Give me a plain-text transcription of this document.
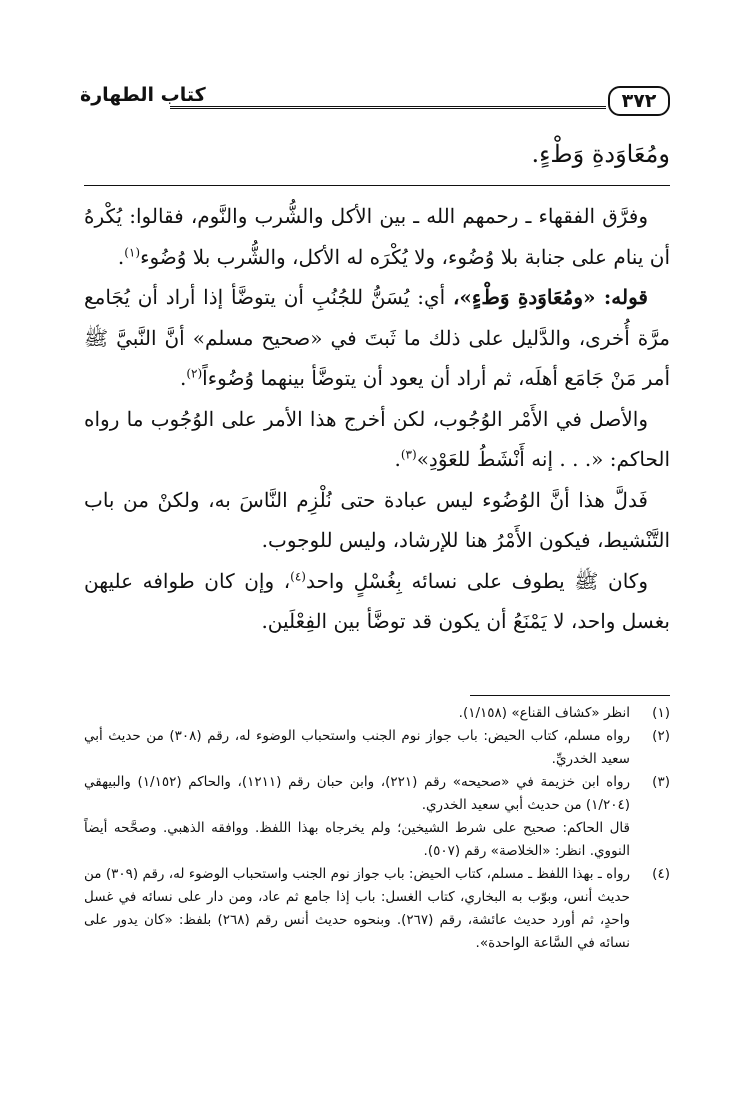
٣٧٢
كتاب الطهارة
ومُعَاوَدةِ وَطْءٍ.

وفرَّق الفقهاء ـ رحمهم الله ـ بين الأكل والشُّرب والنَّوم، فقالوا: يُكْرهُ أن ينام على جنابة بلا وُضُوء، ولا يُكْرَه له الأكل، والشُّرب بلا وُضُوء$^{(١)}$.

قوله: «ومُعَاوَدةِ وَطْءٍ»، أي: يُسَنُّ للجُنُبِ أن يتوضَّأ إذا أراد أن يُجَامع مرَّة أُخرى، والدَّليل على ذلك ما ثَبتَ في «صحيح مسلم» أنَّ النَّبيَّ ﷺ أمر مَنْ جَامَع أهلَه، ثم أراد أن يعود أن يتوضَّأ بينهما وُضُوءاً$^{(٢)}$.

والأصل في الأَمْر الوُجُوب، لكن أخرج هذا الأمر على الوُجُوب ما رواه الحاكم: «. . . إنه أَنْشَطُ للعَوْدِ»$^{(٣)}$.

فَدلَّ هذا أنَّ الوُضُوء ليس عبادة حتى نُلْزِم النَّاسَ به، ولكنْ من باب التَّنْشيط، فيكون الأَمْرُ هنا للإرشاد، وليس للوجوب.

وكان ﷺ يطوف على نسائه بِغُسْلٍ واحد$^{(٤)}$، وإن كان طوافه عليهن بغسل واحد، لا يَمْنَعُ أن يكون قد توضَّأ بين الفِعْلَين.

(١)
انظر «كشاف القناع» (١/١٥٨).
(٢)
رواه مسلم، كتاب الحيض: باب جواز نوم الجنب واستحباب الوضوء له، رقم (٣٠٨) من حديث أبي سعيد الخدريِّ.
(٣)
رواه ابن خزيمة في «صحيحه» رقم (٢٢١)، وابن حبان رقم (١٢١١)، والحاكم (١/١٥٢) والبيهقي (١/٢٠٤) من حديث أبي سعيد الخدري.
قال الحاكم: صحيح على شرط الشيخين؛ ولم يخرجاه بهذا اللفظ. ووافقه الذهبي. وصحَّحه أيضاً النووي. انظر: «الخلاصة» رقم (٥٠٧).
(٤)
رواه ـ بهذا اللفظ ـ مسلم، كتاب الحيض: باب جواز نوم الجنب واستحباب الوضوء له، رقم (٣٠٩) من حديث أنس، وبوّب به البخاري، كتاب الغسل: باب إذا جامع ثم عاد، ومن دار على نسائه في غسل واحدٍ، ثم أورد حديث عائشة، رقم (٢٦٧). وبنحوه حديث أنس رقم (٢٦٨) بلفظ: «كان يدور على نسائه في السَّاعة الواحدة».
